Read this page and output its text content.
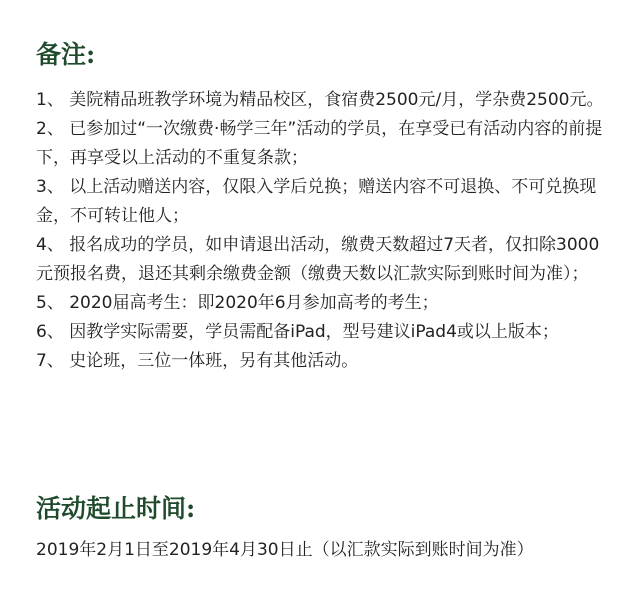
备注:
1、 美院精品班教学环境为精品校区，食宿费2500元/月，学杂费2500元。
2、 已参加过“一次缴费·畅学三年”活动的学员，在享受已有活动内容的前提下，再享受以上活动的不重复条款；
3、 以上活动赠送内容，仅限入学后兑换；赠送内容不可退换、不可兑换现金，不可转让他人；
4、 报名成功的学员，如申请退出活动，缴费天数超过7天者，仅扣除3000元预报名费，退还其剩余缴费金额（缴费天数以汇款实际到账时间为准）；
5、 2020届高考生：即2020年6月参加高考的考生；
6、 因教学实际需要，学员需配备iPad，型号建议iPad4或以上版本；
7、 史论班，三位一体班，另有其他活动。
活动起止时间:

2019年2月1日至2019年4月30日止（以汇款实际到账时间为准）
